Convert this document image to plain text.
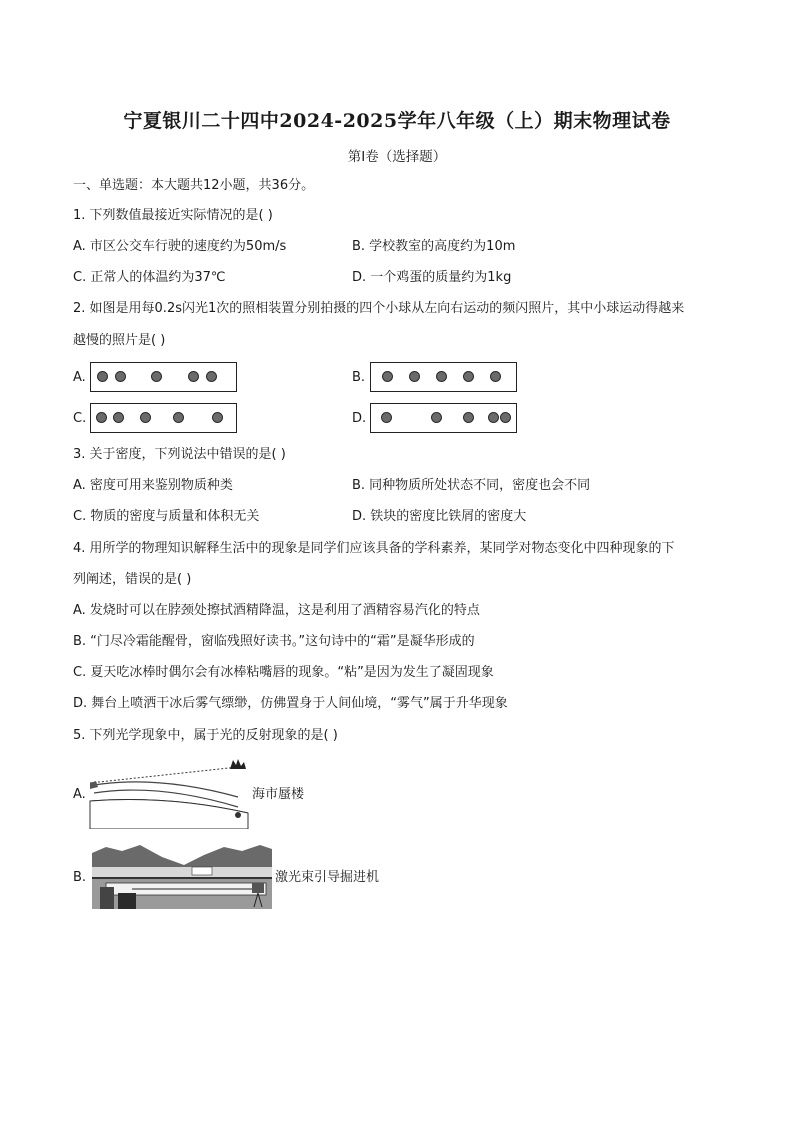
宁夏银川二十四中2024-2025学年八年级（上）期末物理试卷
第I卷（选择题）
一、单选题：本大题共12小题，共36分。
1. 下列数值最接近实际情况的是( )
A. 市区公交车行驶的速度约为50m/s	B. 学校教室的高度约为10m
C. 正常人的体温约为37℃	D. 一个鸡蛋的质量约为1kg
2. 如图是用每0.2s闪光1次的照相装置分别拍摄的四个小球从左向右运动的频闪照片，其中小球运动得越来
越慢的照片是( )
A.	B.
C.	D.
3. 关于密度，下列说法中错误的是( )
A. 密度可用来鉴别物质种类	B. 同种物质所处状态不同，密度也会不同
C. 物质的密度与质量和体积无关	D. 铁块的密度比铁屑的密度大
4. 用所学的物理知识解释生活中的现象是同学们应该具备的学科素养，某同学对物态变化中四种现象的下
列阐述，错误的是( )
A. 发烧时可以在脖颈处擦拭酒精降温，这是利用了酒精容易汽化的特点
B. “门尽冷霜能醒骨，窗临残照好读书。”这句诗中的“霜”是凝华形成的
C. 夏天吃冰棒时偶尔会有冰棒粘嘴唇的现象。“粘”是因为发生了凝固现象
D. 舞台上喷洒干冰后雾气缥缈，仿佛置身于人间仙境，“雾气”属于升华现象
5. 下列光学现象中，属于光的反射现象的是( )
A.	海市蜃楼
B.	激光束引导掘进机
